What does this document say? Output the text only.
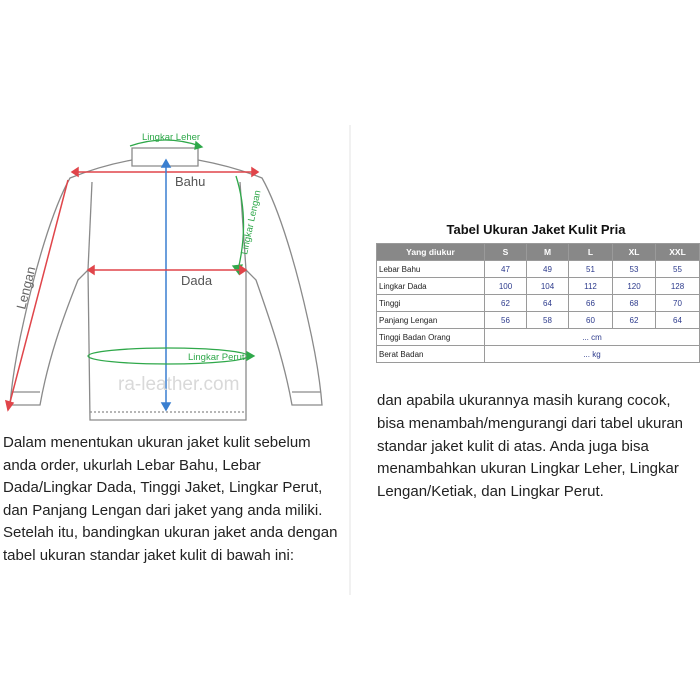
Lingkar Leher
Bahu
Lingkar Lengan
Lengan	Dada
Lingkar Perut
ra-leather.com
Dalam menentukan ukuran jaket kulit sebelum anda order, ukurlah Lebar Bahu, Lebar Dada/Lingkar Dada, Tinggi Jaket, Lingkar Perut, dan Panjang Lengan dari jaket yang anda miliki. Setelah itu, bandingkan ukuran jaket anda dengan tabel ukuran standar jaket kulit di bawah ini:
Tabel Ukuran Jaket Kulit Pria
Yang diukur	S	M	L	XL	XXL
Lebar Bahu	47	49	51	53	55
Lingkar Dada	100	104	112	120	128
Tinggi	62	64	66	68	70
Panjang Lengan	56	58	60	62	64
Tinggi Badan Orang	... cm				
Berat Badan	... kg				
dan apabila ukurannya masih kurang cocok, bisa menambah/mengurangi dari tabel ukuran standar jaket kulit di atas. Anda juga bisa menambahkan ukuran Lingkar Leher, Lingkar Lengan/Ketiak, dan Lingkar Perut.
